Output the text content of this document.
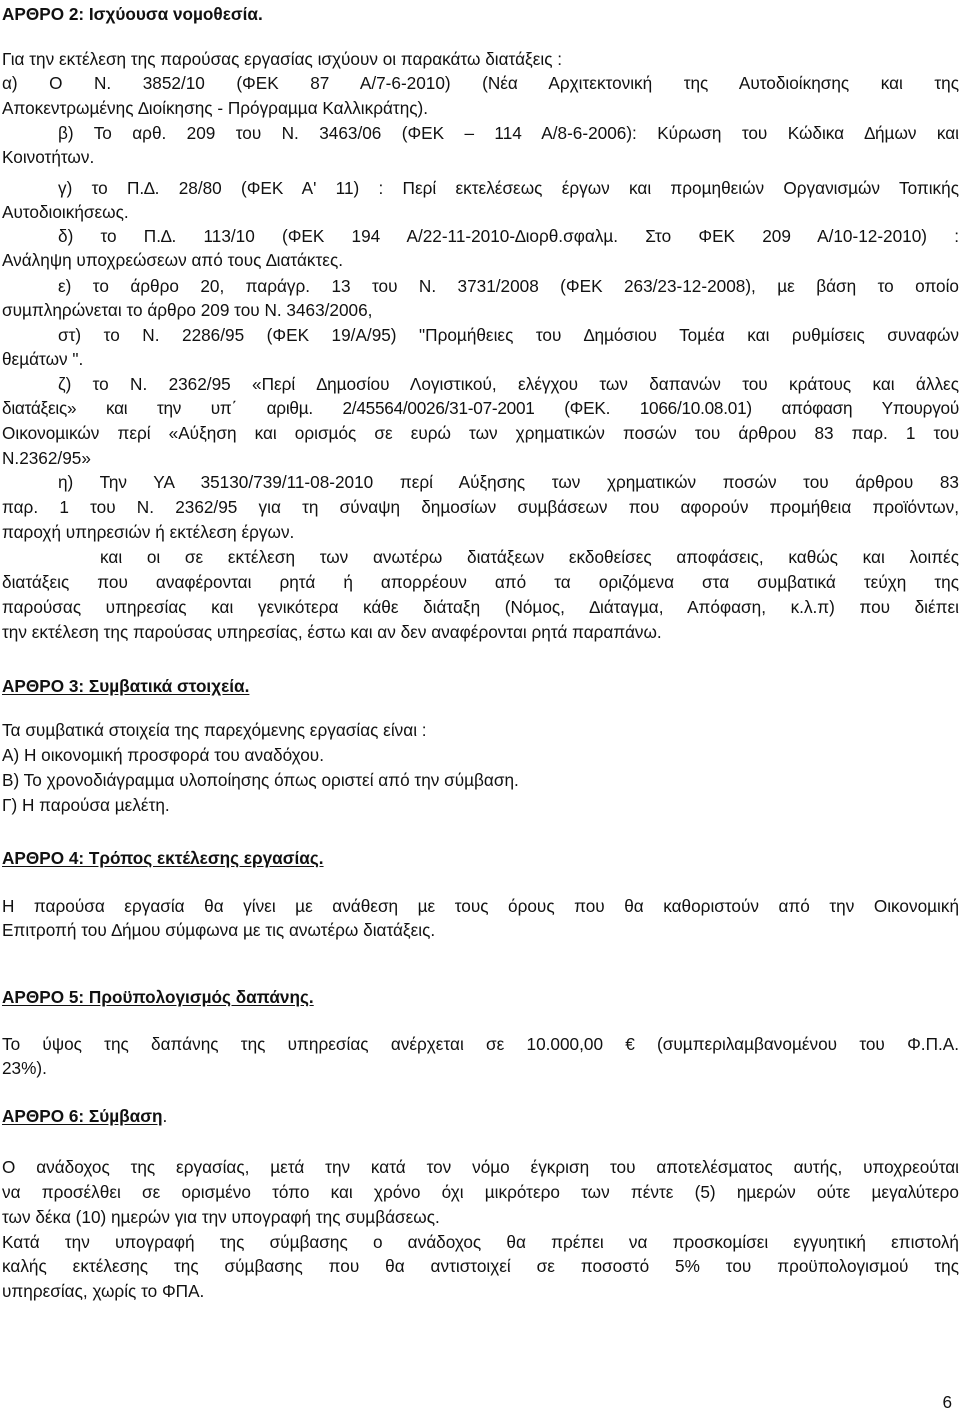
ΑΡΘΡΟ 2: Ισχύουσα νοµοθεσία.

Για την εκτέλεση της παρούσας εργασίας ισχύουν οι παρακάτω διατάξεις :

α) Ο Ν. 3852/10 (ΦΕΚ 87 Α/7-6-2010) (Νέα Αρχιτεκτονική της Αυτοδιοίκησης και της

Αποκεντρωµένης ∆ιοίκησης - Πρόγραµµα Καλλικράτης).

β) Το αρθ. 209 του Ν. 3463/06 (ΦΕΚ – 114 Α/8-6-2006): Κύρωση του Κώδικα ∆ήµων και

Κοινοτήτων.

γ) το Π.∆. 28/80 (ΦΕΚ Α' 11) : Περί εκτελέσεως έργων και προµηθειών Οργανισµών Τοπικής

Αυτοδιοικήσεως.

δ) το Π.∆. 113/10 (ΦΕΚ 194 Α/22-11-2010-∆ιορθ.σφαλµ. Στο ΦΕΚ 209 Α/10-12-2010) :

Ανάληψη υποχρεώσεων από τους ∆ιατάκτες.

ε) το άρθρο 20, παράγρ. 13 του Ν. 3731/2008 (ΦΕΚ 263/23-12-2008), µε βάση το οποίο

συµπληρώνεται το άρθρο 209 του Ν. 3463/2006,

στ) το Ν. 2286/95 (ΦΕΚ 19/Α/95) "Προµήθειες του ∆ηµόσιου Τοµέα και ρυθµίσεις συναφών

θεµάτων ".

ζ) το Ν. 2362/95 «Περί ∆ηµοσίου Λογιστικού, ελέγχου των δαπανών του κράτους και άλλες

διατάξεις» και την υπ΄ αριθµ. 2/45564/0026/31-07-2001 (ΦΕΚ. 1066/10.08.01) απόφαση Υπουργού

Οικονοµικών περί «Αύξηση και ορισµός σε ευρώ των χρηµατικών ποσών του άρθρου 83 παρ. 1 του

Ν.2362/95»

η) Την ΥΑ 35130/739/11-08-2010 περί Αύξησης των χρηµατικών ποσών του άρθρου 83

παρ. 1 του Ν. 2362/95 για τη σύναψη δηµοσίων συµβάσεων που αφορούν προµήθεια προϊόντων,

παροχή υπηρεσιών ή εκτέλεση έργων.

και οι σε εκτέλεση των ανωτέρω διατάξεων εκδοθείσες αποφάσεις, καθώς και λοιπές

διατάξεις που αναφέρονται ρητά ή απορρέουν από τα οριζόµενα στα συµβατικά τεύχη της

παρούσας υπηρεσίας και γενικότερα κάθε διάταξη (Νόµος, ∆ιάταγµα, Απόφαση, κ.λ.π) που διέπει

την εκτέλεση της παρούσας υπηρεσίας, έστω και αν δεν αναφέρονται ρητά παραπάνω.

ΑΡΘΡΟ 3: Συµβατικά στοιχεία.

Τα συµβατικά στοιχεία της παρεχόµενης εργασίας είναι :

Α) Η οικονοµική προσφορά του αναδόχου.

Β) Το χρονοδιάγραµµα υλοποίησης όπως οριστεί από την σύµβαση.

Γ) Η παρούσα µελέτη.

ΑΡΘΡΟ 4: Τρόπος εκτέλεσης εργασίας.

Η παρούσα εργασία θα γίνει µε ανάθεση µε τους όρους που θα καθοριστούν από την Οικονοµική

Επιτροπή του ∆ήµου σύµφωνα µε τις ανωτέρω διατάξεις.

ΑΡΘΡΟ 5: Προϋπολογισµός δαπάνης.

Το ύψος της δαπάνης της υπηρεσίας ανέρχεται σε 10.000,00 € (συµπεριλαµβανοµένου του Φ.Π.Α.

23%).

ΑΡΘΡΟ 6: Σύµβαση.

Ο ανάδοχος της εργασίας, µετά την κατά τον νόµο έγκριση του αποτελέσµατος αυτής, υποχρεούται

να προσέλθει σε ορισµένο τόπο και χρόνο όχι µικρότερο των πέντε (5) ηµερών ούτε µεγαλύτερο

των δέκα (10) ηµερών για την υπογραφή της συµβάσεως.

Κατά την υπογραφή της σύµβασης ο ανάδοχος θα πρέπει να προσκοµίσει εγγυητική επιστολή

καλής εκτέλεσης της σύµβασης που θα αντιστοιχεί σε ποσοστό 5% του προϋπολογισµού της

υπηρεσίας, χωρίς το ΦΠΑ.

6
